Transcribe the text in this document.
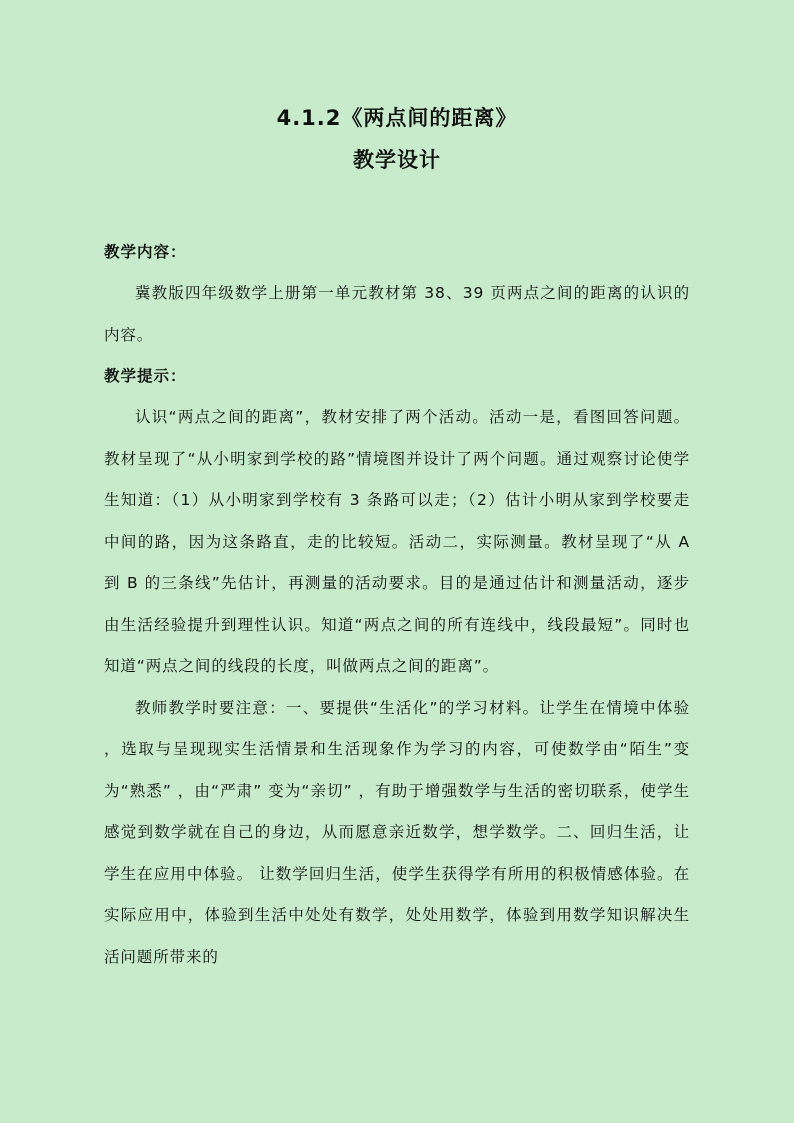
4.1.2《两点间的距离》
教学设计
教学内容：

冀教版四年级数学上册第一单元教材第 38、39 页两点之间的距离的认识的内容。

教学提示：

认识“两点之间的距离”，教材安排了两个活动。活动一是，看图回答问题。教材呈现了“从小明家到学校的路”情境图并设计了两个问题。通过观察讨论使学生知道：（1）从小明家到学校有 3 条路可以走；（2）估计小明从家到学校要走中间的路，因为这条路直，走的比较短。活动二，实际测量。教材呈现了“从 A 到 B 的三条线”先估计，再测量的活动要求。目的是通过估计和测量活动，逐步由生活经验提升到理性认识。知道“两点之间的所有连线中，线段最短”。同时也知道“两点之间的线段的长度，叫做两点之间的距离”。

教师教学时要注意：一、要提供“生活化”的学习材料。让学生在情境中体验 ，选取与呈现现实生活情景和生活现象作为学习的内容，可使数学由“陌生”变为“熟悉” ，由“严肃” 变为“亲切” ，有助于增强数学与生活的密切联系，使学生感觉到数学就在自己的身边，从而愿意亲近数学，想学数学。二、回归生活，让学生在应用中体验。 让数学回归生活，使学生获得学有所用的积极情感体验。在实际应用中，体验到生活中处处有数学，处处用数学，体验到用数学知识解决生活问题所带来的
